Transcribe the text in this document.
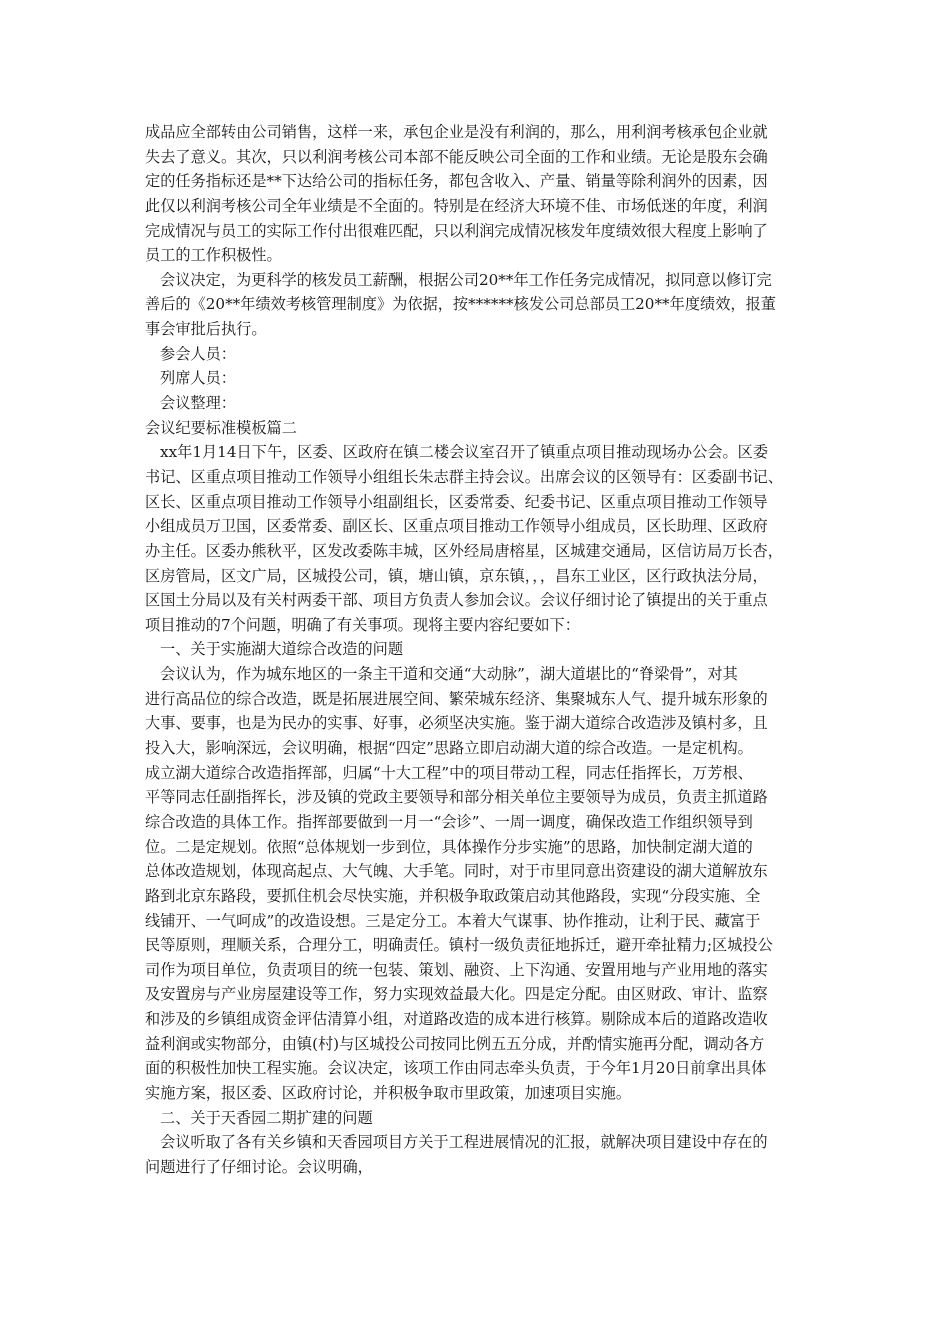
成品应全部转由公司销售，这样一来，承包企业是没有利润的，那么，用利润考核承包企业就
失去了意义。其次，只以利润考核公司本部不能反映公司全面的工作和业绩。无论是股东会确
定的任务指标还是**下达给公司的指标任务，都包含收入、产量、销量等除利润外的因素，因
此仅以利润考核公司全年业绩是不全面的。特别是在经济大环境不佳、市场低迷的年度，利润
完成情况与员工的实际工作付出很难匹配，只以利润完成情况核发年度绩效很大程度上影响了
员工的工作积极性。
会议决定，为更科学的核发员工薪酬，根据公司20**年工作任务完成情况，拟同意以修订完
善后的《20**年绩效考核管理制度》为依据，按******核发公司总部员工20**年度绩效，报董
事会审批后执行。
参会人员：
列席人员：
会议整理：
会议纪要标准模板篇二
xx年1月14日下午，区委、区政府在镇二楼会议室召开了镇重点项目推动现场办公会。区委
书记、区重点项目推动工作领导小组组长朱志群主持会议。出席会议的区领导有：区委副书记、
区长、区重点项目推动工作领导小组副组长，区委常委、纪委书记、区重点项目推动工作领导
小组成员万卫国，区委常委、副区长、区重点项目推动工作领导小组成员，区长助理、区政府
办主任。区委办熊秋平，区发改委陈丰城，区外经局唐榕星，区城建交通局，区信访局万长杏，
区房管局，区文广局，区城投公司，镇，塘山镇，京东镇，，，昌东工业区，区行政执法分局，
区国土分局以及有关村两委干部、项目方负责人参加会议。会议仔细讨论了镇提出的关于重点
项目推动的7个问题，明确了有关事项。现将主要内容纪要如下：
一、关于实施湖大道综合改造的问题
会议认为，作为城东地区的一条主干道和交通“大动脉”，湖大道堪比的“脊梁骨”，对其
进行高品位的综合改造，既是拓展进展空间、繁荣城东经济、集聚城东人气、提升城东形象的
大事、要事，也是为民办的实事、好事，必须坚决实施。鉴于湖大道综合改造涉及镇村多，且
投入大，影响深远，会议明确，根据“四定”思路立即启动湖大道的综合改造。一是定机构。
成立湖大道综合改造指挥部，归属“十大工程”中的项目带动工程，同志任指挥长，万芳根、
平等同志任副指挥长，涉及镇的党政主要领导和部分相关单位主要领导为成员，负责主抓道路
综合改造的具体工作。指挥部要做到一月一“会诊”、一周一调度，确保改造工作组织领导到
位。二是定规划。依照“总体规划一步到位，具体操作分步实施”的思路，加快制定湖大道的
总体改造规划，体现高起点、大气魄、大手笔。同时，对于市里同意出资建设的湖大道解放东
路到北京东路段，要抓住机会尽快实施，并积极争取政策启动其他路段，实现“分段实施、全
线铺开、一气呵成”的改造设想。三是定分工。本着大气谋事、协作推动，让利于民、藏富于
民等原则，理顺关系，合理分工，明确责任。镇村一级负责征地拆迁，避开牵扯精力;区城投公
司作为项目单位，负责项目的统一包装、策划、融资、上下沟通、安置用地与产业用地的落实
及安置房与产业房屋建设等工作，努力实现效益最大化。四是定分配。由区财政、审计、监察
和涉及的乡镇组成资金评估清算小组，对道路改造的成本进行核算。剔除成本后的道路改造收
益利润或实物部分，由镇(村)与区城投公司按同比例五五分成，并酌情实施再分配，调动各方
面的积极性加快工程实施。会议决定，该项工作由同志牵头负责，于今年1月20日前拿出具体
实施方案，报区委、区政府讨论，并积极争取市里政策，加速项目实施。
二、关于天香园二期扩建的问题
会议听取了各有关乡镇和天香园项目方关于工程进展情况的汇报，就解决项目建设中存在的
问题进行了仔细讨论。会议明确，
